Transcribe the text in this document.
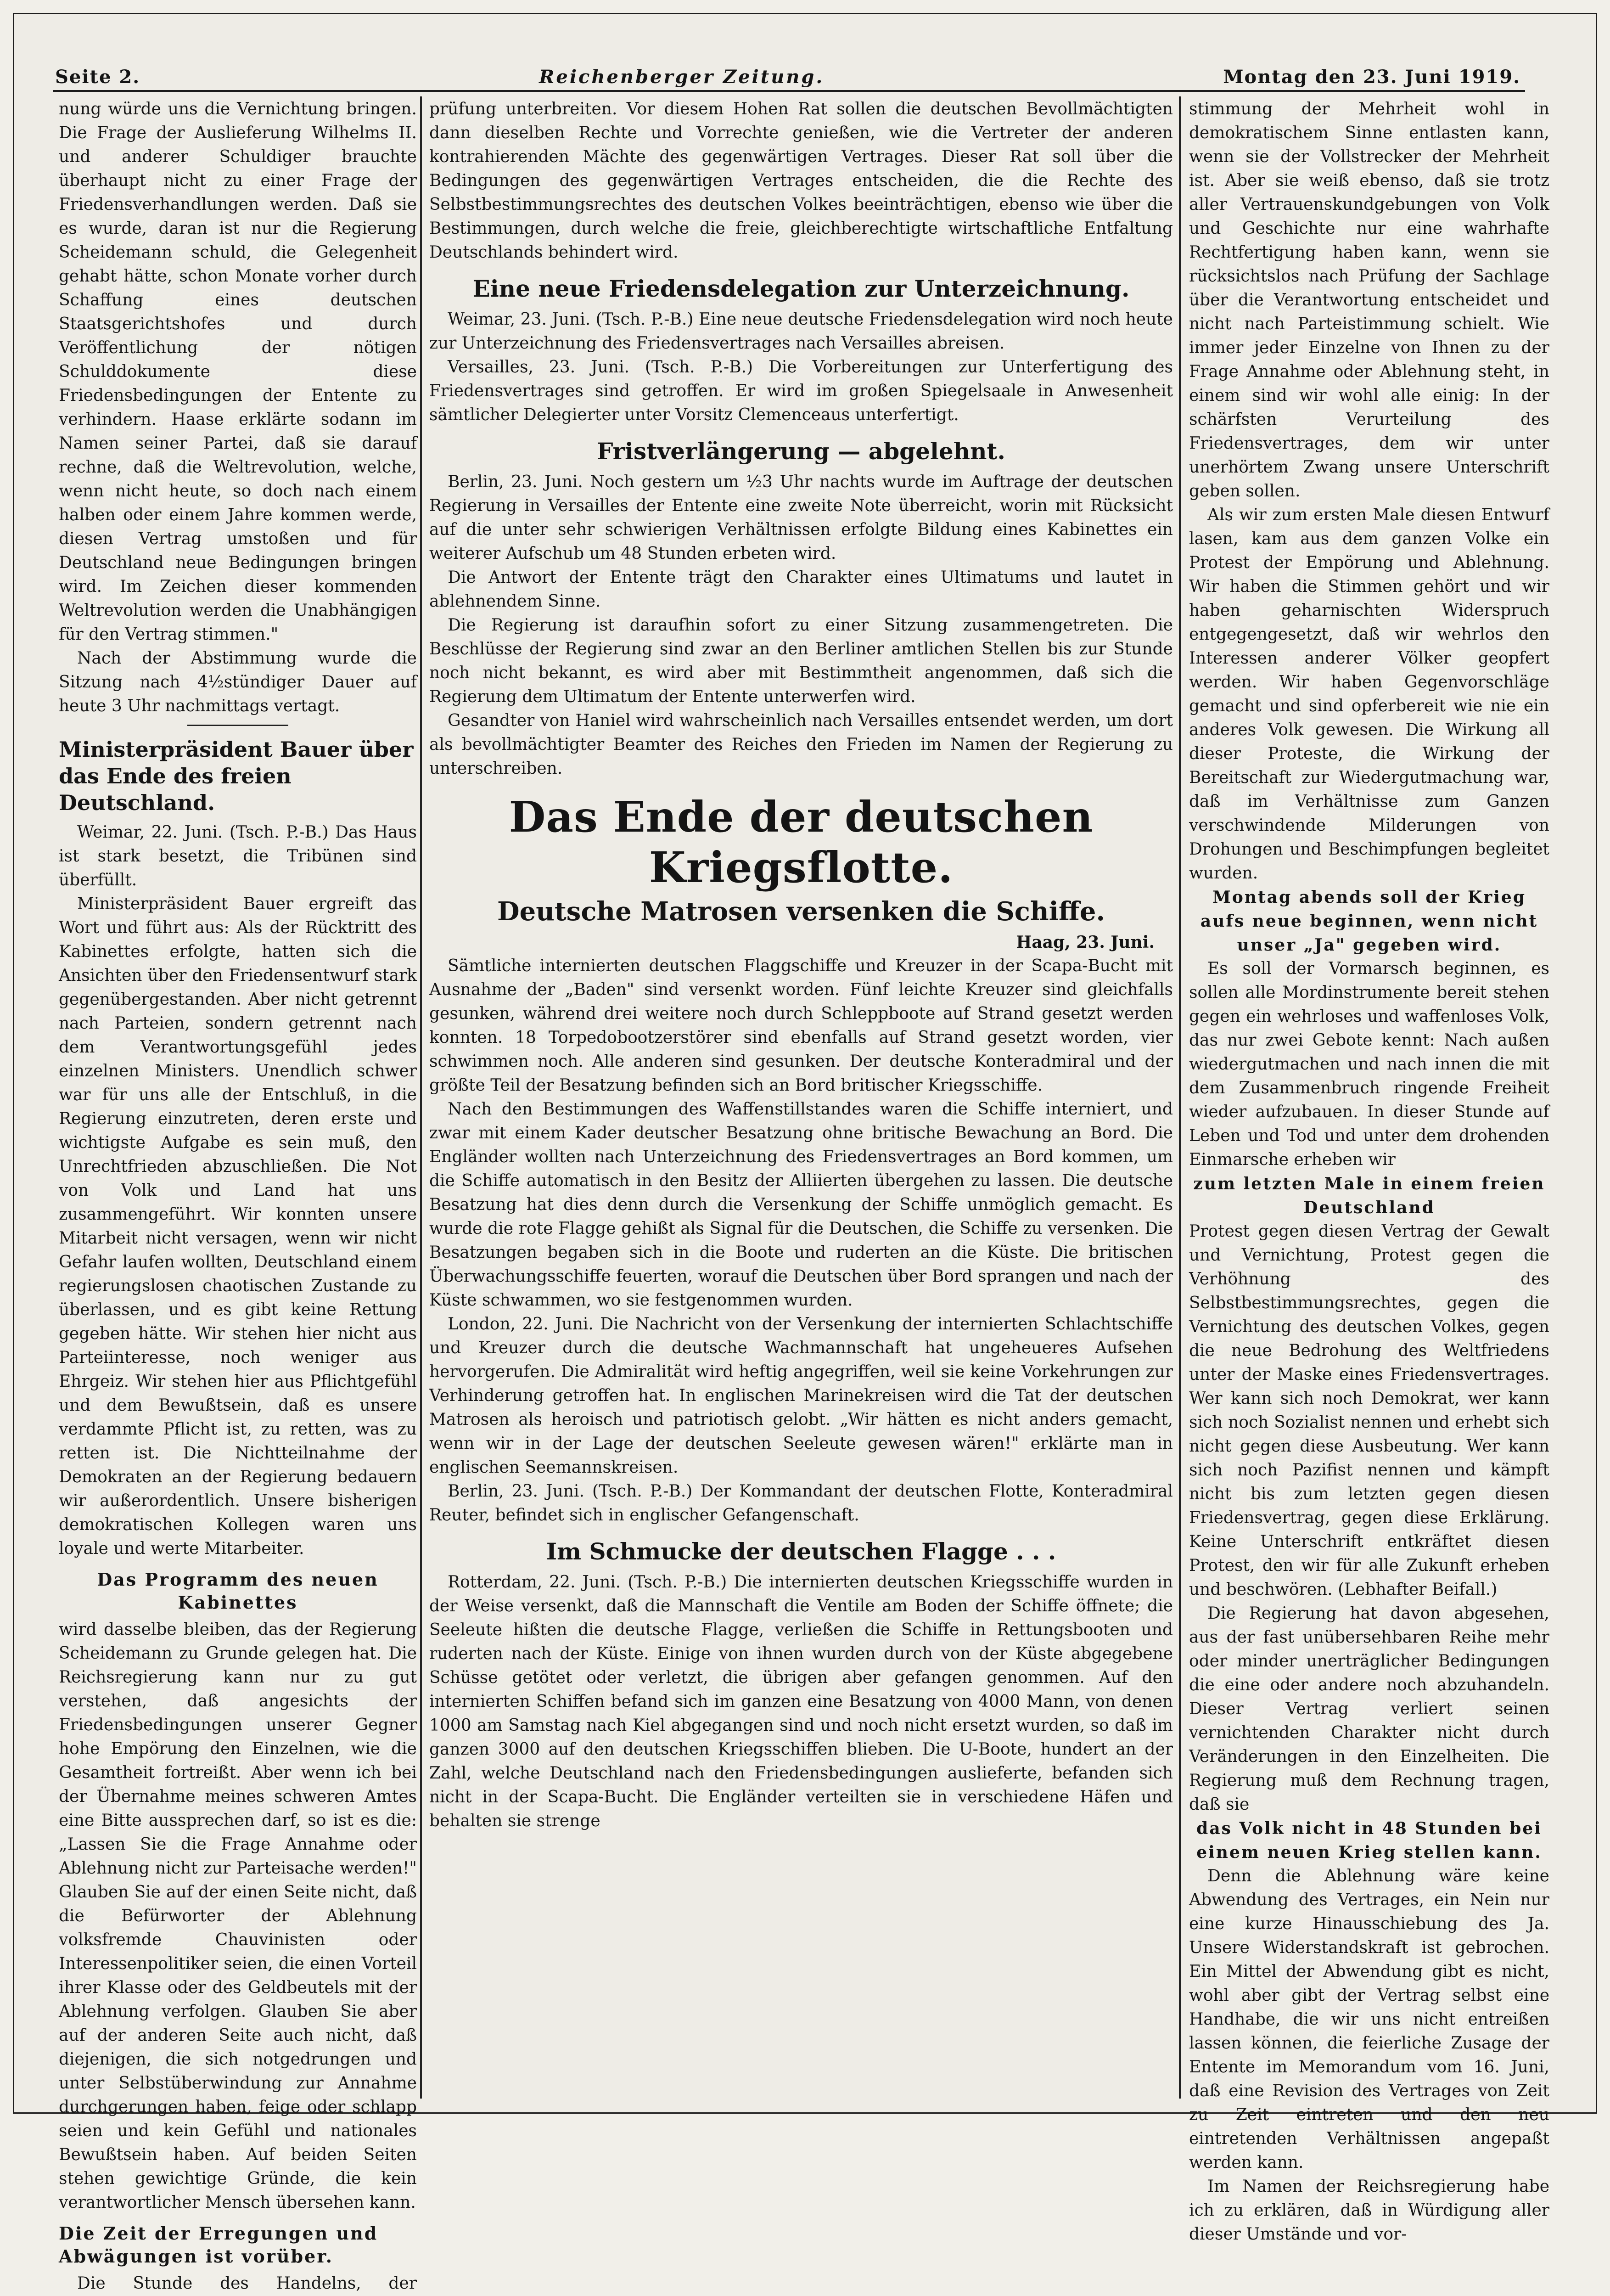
Seite 2.	Reichenberger Zeitung.	Montag den 23. Juni 1919.

nung würde uns die Vernichtung bringen. Die Frage der Auslieferung Wilhelms II. und anderer Schuldiger brauchte überhaupt nicht zu einer Frage der Friedensverhandlungen werden. Daß sie es wurde, daran ist nur die Regierung Scheidemann schuld, die Gelegenheit gehabt hätte, schon Monate vorher durch Schaffung eines deutschen Staatsgerichtshofes und durch Veröffentlichung der nötigen Schulddokumente diese Friedensbedingungen der Entente zu verhindern. Haase erklärte sodann im Namen seiner Partei, daß sie darauf rechne, daß die Weltrevolution, welche, wenn nicht heute, so doch nach einem halben oder einem Jahre kommen werde, diesen Vertrag umstoßen und für Deutschland neue Bedingungen bringen wird. Im Zeichen dieser kommenden Weltrevolution werden die Unabhängigen für den Vertrag stimmen."

Nach der Abstimmung wurde die Sitzung nach 4½stündiger Dauer auf heute 3 Uhr nachmittags vertagt.

Ministerpräsident Bauer über das Ende des freien Deutschland.

Weimar, 22. Juni. (Tsch. P.-B.) Das Haus ist stark besetzt, die Tribünen sind überfüllt.

Ministerpräsident Bauer ergreift das Wort und führt aus: Als der Rücktritt des Kabinettes erfolgte, hatten sich die Ansichten über den Friedensentwurf stark gegenübergestanden. Aber nicht getrennt nach Parteien, sondern getrennt nach dem Verantwortungsgefühl jedes einzelnen Ministers. Unendlich schwer war für uns alle der Entschluß, in die Regierung einzutreten, deren erste und wichtigste Aufgabe es sein muß, den Unrechtfrieden abzuschließen. Die Not von Volk und Land hat uns zusammengeführt. Wir konnten unsere Mitarbeit nicht versagen, wenn wir nicht Gefahr laufen wollten, Deutschland einem regierungslosen chaotischen Zustande zu überlassen, und es gibt keine Rettung gegeben hätte. Wir stehen hier nicht aus Parteiinteresse, noch weniger aus Ehrgeiz. Wir stehen hier aus Pflichtgefühl und dem Bewußtsein, daß es unsere verdammte Pflicht ist, zu retten, was zu retten ist. Die Nichtteilnahme der Demokraten an der Regierung bedauern wir außerordentlich. Unsere bisherigen demokratischen Kollegen waren uns loyale und werte Mitarbeiter.

Das Programm des neuen Kabinettes

wird dasselbe bleiben, das der Regierung Scheidemann zu Grunde gelegen hat. Die Reichsregierung kann nur zu gut verstehen, daß angesichts der Friedensbedingungen unserer Gegner hohe Empörung den Einzelnen, wie die Gesamtheit fortreißt. Aber wenn ich bei der Übernahme meines schweren Amtes eine Bitte aussprechen darf, so ist es die: „Lassen Sie die Frage Annahme oder Ablehnung nicht zur Parteisache werden!" Glauben Sie auf der einen Seite nicht, daß die Befürworter der Ablehnung volksfremde Chauvinisten oder Interessenpolitiker seien, die einen Vorteil ihrer Klasse oder des Geldbeutels mit der Ablehnung verfolgen. Glauben Sie aber auf der anderen Seite auch nicht, daß diejenigen, die sich notgedrungen und unter Selbstüberwindung zur Annahme durchgerungen haben, feige oder schlapp seien und kein Gefühl und nationales Bewußtsein haben. Auf beiden Seiten stehen gewichtige Gründe, die kein verantwortlicher Mensch übersehen kann.

Die Zeit der Erregungen und Abwägungen ist vorüber.

Die Stunde des Handelns, der

prüfung unterbreiten. Vor diesem Hohen Rat sollen die deutschen Bevollmächtigten dann dieselben Rechte und Vorrechte genießen, wie die Vertreter der anderen kontrahierenden Mächte des gegenwärtigen Vertrages. Dieser Rat soll über die Bedingungen des gegenwärtigen Vertrages entscheiden, die die Rechte des Selbstbestimmungsrechtes des deutschen Volkes beeinträchtigen, ebenso wie über die Bestimmungen, durch welche die freie, gleichberechtigte wirtschaftliche Entfaltung Deutschlands behindert wird.

Eine neue Friedensdelegation zur Unterzeichnung.

Weimar, 23. Juni. (Tsch. P.-B.) Eine neue deutsche Friedensdelegation wird noch heute zur Unterzeichnung des Friedensvertrages nach Versailles abreisen.

Versailles, 23. Juni. (Tsch. P.-B.) Die Vorbereitungen zur Unterfertigung des Friedensvertrages sind getroffen. Er wird im großen Spiegelsaale in Anwesenheit sämtlicher Delegierter unter Vorsitz Clemenceaus unterfertigt.

Fristverlängerung — abgelehnt.

Berlin, 23. Juni. Noch gestern um ½3 Uhr nachts wurde im Auftrage der deutschen Regierung in Versailles der Entente eine zweite Note überreicht, worin mit Rücksicht auf die unter sehr schwierigen Verhältnissen erfolgte Bildung eines Kabinettes ein weiterer Aufschub um 48 Stunden erbeten wird.

Die Antwort der Entente trägt den Charakter eines Ultimatums und lautet in ablehnendem Sinne.

Die Regierung ist daraufhin sofort zu einer Sitzung zusammengetreten. Die Beschlüsse der Regierung sind zwar an den Berliner amtlichen Stellen bis zur Stunde noch nicht bekannt, es wird aber mit Bestimmtheit angenommen, daß sich die Regierung dem Ultimatum der Entente unterwerfen wird.

Gesandter von Haniel wird wahrscheinlich nach Versailles entsendet werden, um dort als bevollmächtigter Beamter des Reiches den Frieden im Namen der Regierung zu unterschreiben.

Das Ende der deutschen Kriegsflotte.
Deutsche Matrosen versenken die Schiffe.

Haag, 23. Juni.

Sämtliche internierten deutschen Flaggschiffe und Kreuzer in der Scapa-Bucht mit Ausnahme der „Baden" sind versenkt worden. Fünf leichte Kreuzer sind gleichfalls gesunken, während drei weitere noch durch Schleppboote auf Strand gesetzt werden konnten. 18 Torpedobootzerstörer sind ebenfalls auf Strand gesetzt worden, vier schwimmen noch. Alle anderen sind gesunken. Der deutsche Konteradmiral und der größte Teil der Besatzung befinden sich an Bord britischer Kriegsschiffe.

Nach den Bestimmungen des Waffenstillstandes waren die Schiffe interniert, und zwar mit einem Kader deutscher Besatzung ohne britische Bewachung an Bord. Die Engländer wollten nach Unterzeichnung des Friedensvertrages an Bord kommen, um die Schiffe automatisch in den Besitz der Alliierten übergehen zu lassen. Die deutsche Besatzung hat dies denn durch die Versenkung der Schiffe unmöglich gemacht. Es wurde die rote Flagge gehißt als Signal für die Deutschen, die Schiffe zu versenken. Die Besatzungen begaben sich in die Boote und ruderten an die Küste. Die britischen Überwachungsschiffe feuerten, worauf die Deutschen über Bord sprangen und nach der Küste schwammen, wo sie festgenommen wurden.

London, 22. Juni. Die Nachricht von der Versenkung der internierten Schlachtschiffe und Kreuzer durch die deutsche Wachmannschaft hat ungeheueres Aufsehen hervorgerufen. Die Admiralität wird heftig angegriffen, weil sie keine Vorkehrungen zur Verhinderung getroffen hat. In englischen Marinekreisen wird die Tat der deutschen Matrosen als heroisch und patriotisch gelobt. „Wir hätten es nicht anders gemacht, wenn wir in der Lage der deutschen Seeleute gewesen wären!" erklärte man in englischen Seemannskreisen.

Berlin, 23. Juni. (Tsch. P.-B.) Der Kommandant der deutschen Flotte, Konteradmiral Reuter, befindet sich in englischer Gefangenschaft.

Im Schmucke der deutschen Flagge . . .

Rotterdam, 22. Juni. (Tsch. P.-B.) Die internierten deutschen Kriegsschiffe wurden in der Weise versenkt, daß die Mannschaft die Ventile am Boden der Schiffe öffnete; die Seeleute hißten die deutsche Flagge, verließen die Schiffe in Rettungsbooten und ruderten nach der Küste. Einige von ihnen wurden durch von der Küste abgegebene Schüsse getötet oder verletzt, die übrigen aber gefangen genommen. Auf den internierten Schiffen befand sich im ganzen eine Besatzung von 4000 Mann, von denen 1000 am Samstag nach Kiel abgegangen sind und noch nicht ersetzt wurden, so daß im ganzen 3000 auf den deutschen Kriegsschiffen blieben. Die U-Boote, hundert an der Zahl, welche Deutschland nach den Friedensbedingungen auslieferte, befanden sich nicht in der Scapa-Bucht. Die Engländer verteilten sie in verschiedene Häfen und behalten sie strenge

stimmung der Mehrheit wohl in demokratischem Sinne entlasten kann, wenn sie der Vollstrecker der Mehrheit ist. Aber sie weiß ebenso, daß sie trotz aller Vertrauenskundgebungen von Volk und Geschichte nur eine wahrhafte Rechtfertigung haben kann, wenn sie rücksichtslos nach Prüfung der Sachlage über die Verantwortung entscheidet und nicht nach Parteistimmung schielt. Wie immer jeder Einzelne von Ihnen zu der Frage Annahme oder Ablehnung steht, in einem sind wir wohl alle einig: In der schärfsten Verurteilung des Friedensvertrages, dem wir unter unerhörtem Zwang unsere Unterschrift geben sollen.

Als wir zum ersten Male diesen Entwurf lasen, kam aus dem ganzen Volke ein Protest der Empörung und Ablehnung. Wir haben die Stimmen gehört und wir haben geharnischten Widerspruch entgegengesetzt, daß wir wehrlos den Interessen anderer Völker geopfert werden. Wir haben Gegenvorschläge gemacht und sind opferbereit wie nie ein anderes Volk gewesen. Die Wirkung all dieser Proteste, die Wirkung der Bereitschaft zur Wiedergutmachung war, daß im Verhältnisse zum Ganzen verschwindende Milderungen von Drohungen und Beschimpfungen begleitet wurden.

Montag abends soll der Krieg aufs neue beginnen, wenn nicht unser „Ja" gegeben wird.

Es soll der Vormarsch beginnen, es sollen alle Mordinstrumente bereit stehen gegen ein wehrloses und waffenloses Volk, das nur zwei Gebote kennt: Nach außen wiedergutmachen und nach innen die mit dem Zusammenbruch ringende Freiheit wieder aufzubauen. In dieser Stunde auf Leben und Tod und unter dem drohenden Einmarsche erheben wir

zum letzten Male in einem freien Deutschland

Protest gegen diesen Vertrag der Gewalt und Vernichtung, Protest gegen die Verhöhnung des Selbstbestimmungsrechtes, gegen die Vernichtung des deutschen Volkes, gegen die neue Bedrohung des Weltfriedens unter der Maske eines Friedensvertrages. Wer kann sich noch Demokrat, wer kann sich noch Sozialist nennen und erhebt sich nicht gegen diese Ausbeutung. Wer kann sich noch Pazifist nennen und kämpft nicht bis zum letzten gegen diesen Friedensvertrag, gegen diese Erklärung. Keine Unterschrift entkräftet diesen Protest, den wir für alle Zukunft erheben und beschwören. (Lebhafter Beifall.)

Die Regierung hat davon abgesehen, aus der fast unübersehbaren Reihe mehr oder minder unerträglicher Bedingungen die eine oder andere noch abzuhandeln. Dieser Vertrag verliert seinen vernichtenden Charakter nicht durch Veränderungen in den Einzelheiten. Die Regierung muß dem Rechnung tragen, daß sie

das Volk nicht in 48 Stunden bei einem neuen Krieg stellen kann.

Denn die Ablehnung wäre keine Abwendung des Vertrages, ein Nein nur eine kurze Hinausschiebung des Ja. Unsere Widerstandskraft ist gebrochen. Ein Mittel der Abwendung gibt es nicht, wohl aber gibt der Vertrag selbst eine Handhabe, die wir uns nicht entreißen lassen können, die feierliche Zusage der Entente im Memorandum vom 16. Juni, daß eine Revision des Vertrages von Zeit zu Zeit eintreten und den neu eintretenden Verhältnissen angepaßt werden kann.

Im Namen der Reichsregierung habe ich zu erklären, daß in Würdigung aller dieser Umstände und vor-
